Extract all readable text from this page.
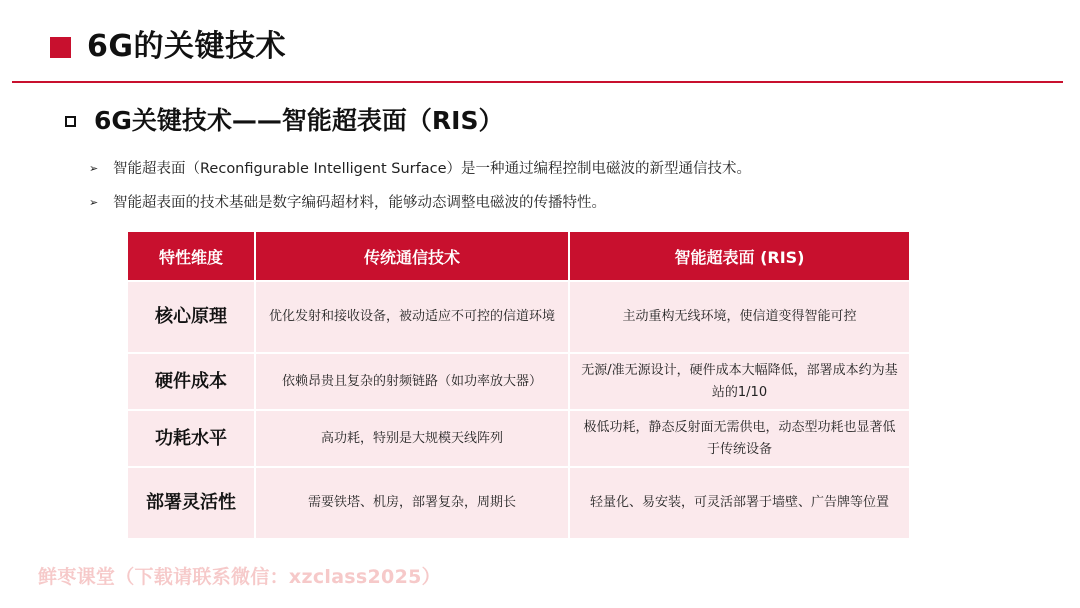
6G的关键技术
6G关键技术——智能超表面（RIS）
➢	智能超表面（Reconfigurable Intelligent Surface）是一种通过编程控制电磁波的新型通信技术。
➢	智能超表面的技术基础是数字编码超材料，能够动态调整电磁波的传播特性。
特性维度	传统通信技术	智能超表面 (RIS)
核心原理	优化发射和接收设备，被动适应不可控的信道环境	主动重构无线环境，使信道变得智能可控
硬件成本	依赖昂贵且复杂的射频链路（如功率放大器）	无源/准无源设计，硬件成本大幅降低，部署成本约为基站的1/10
功耗水平	高功耗，特别是大规模天线阵列	极低功耗，静态反射面无需供电，动态型功耗也显著低于传统设备
部署灵活性	需要铁塔、机房，部署复杂，周期长	轻量化、易安装，可灵活部署于墙壁、广告牌等位置
鲜枣课堂（下载请联系微信：xzclass2025）
